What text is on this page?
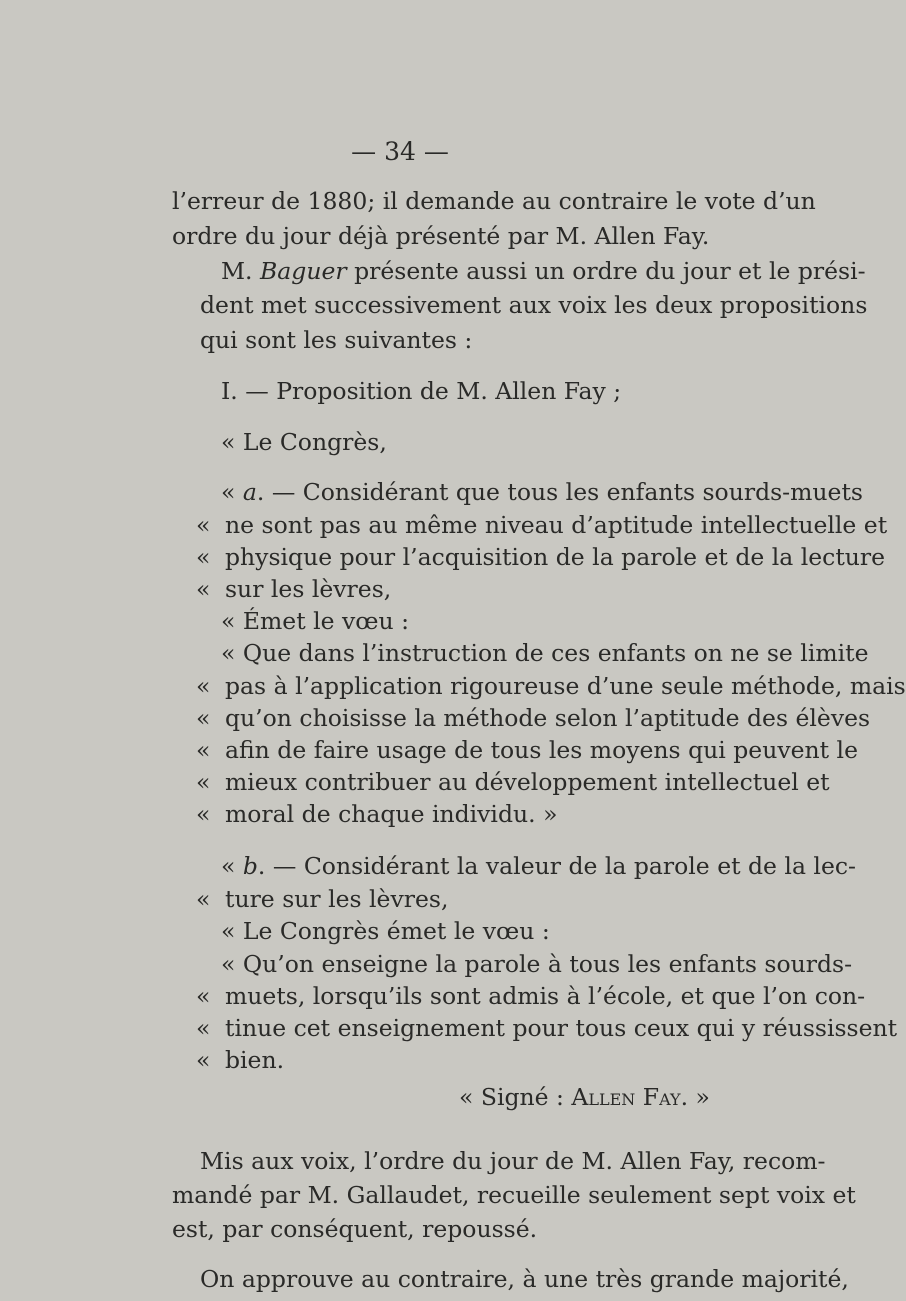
— 34 —
l’erreur de 1880; il demande au contraire le vote d’un
ordre du jour déjà présenté par M. Allen Fay.
M. Baguer présente aussi un ordre du jour et le prési-
dent met successivement aux voix les deux propositions
qui sont les suivantes :
I. — Proposition de M. Allen Fay ;
« Le Congrès,
« a. — Considérant que tous les enfants sourds-muets
« ne sont pas au même niveau d’aptitude intellectuelle et
« physique pour l’acquisition de la parole et de la lecture
« sur les lèvres,
« Émet le vœu :
« Que dans l’instruction de ces enfants on ne se limite
« pas à l’application rigoureuse d’une seule méthode, mais
« qu’on choisisse la méthode selon l’aptitude des élèves
« afin de faire usage de tous les moyens qui peuvent le
« mieux contribuer au développement intellectuel et
« moral de chaque individu. »
« b. — Considérant la valeur de la parole et de la lec-
« ture sur les lèvres,
« Le Congrès émet le vœu :
« Qu’on enseigne la parole à tous les enfants sourds-
« muets, lorsqu’ils sont admis à l’école, et que l’on con-
« tinue cet enseignement pour tous ceux qui y réussissent
« bien.
« Signé : Allen Fay. »
Mis aux voix, l’ordre du jour de M. Allen Fay, recom-
mandé par M. Gallaudet, recueille seulement sept voix et
est, par conséquent, repoussé.
On approuve au contraire, à une très grande majorité,
